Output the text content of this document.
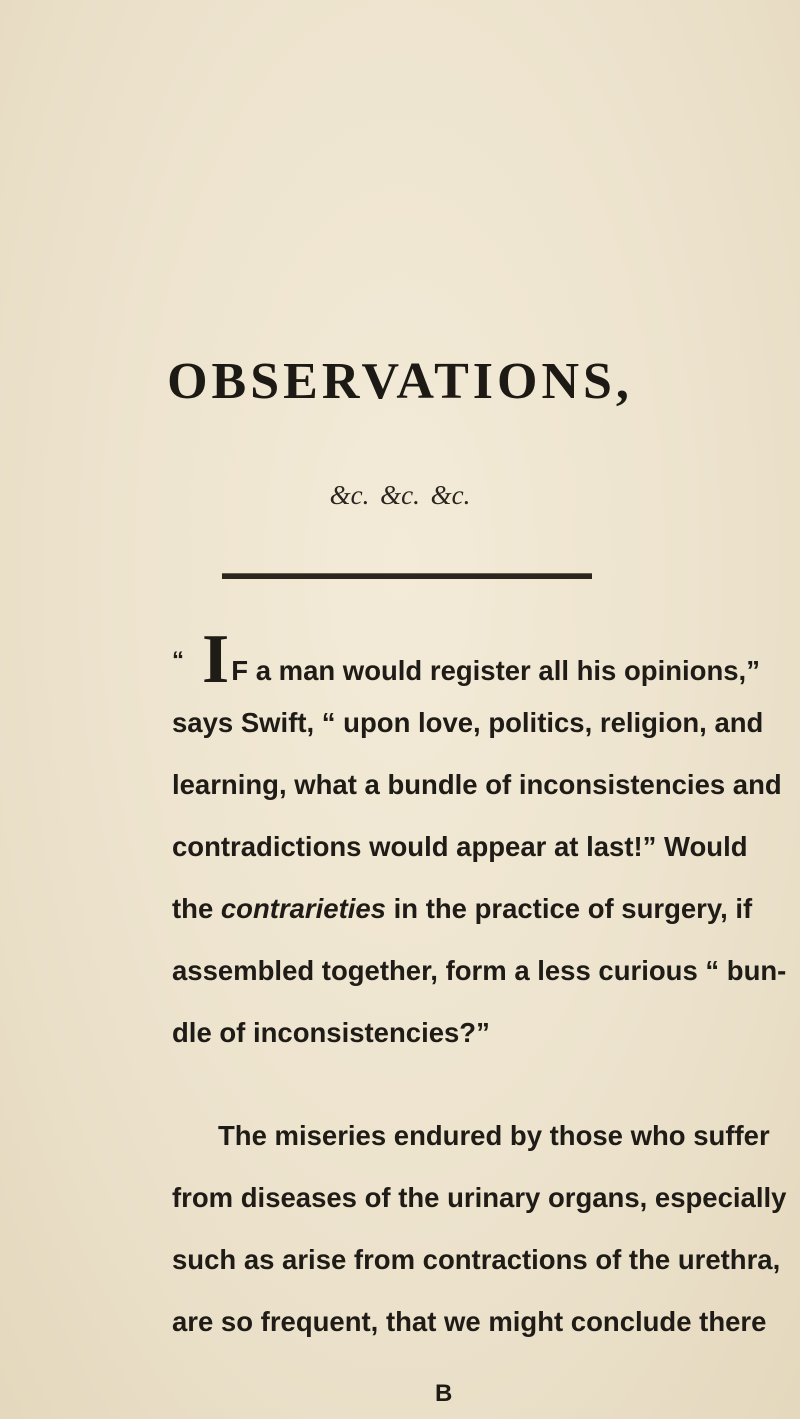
OBSERVATIONS,
&c. &c. &c.
“ IF a man would register all his opinions,”
says Swift, “ upon love, politics, religion, and
learning, what a bundle of inconsistencies and
contradictions would appear at last!” Would
the contrarieties in the practice of surgery, if
assembled together, form a less curious “ bun-
dle of inconsistencies?”
The miseries endured by those who suffer
from diseases of the urinary organs, especially
such as arise from contractions of the urethra,
are so frequent, that we might conclude there
B
